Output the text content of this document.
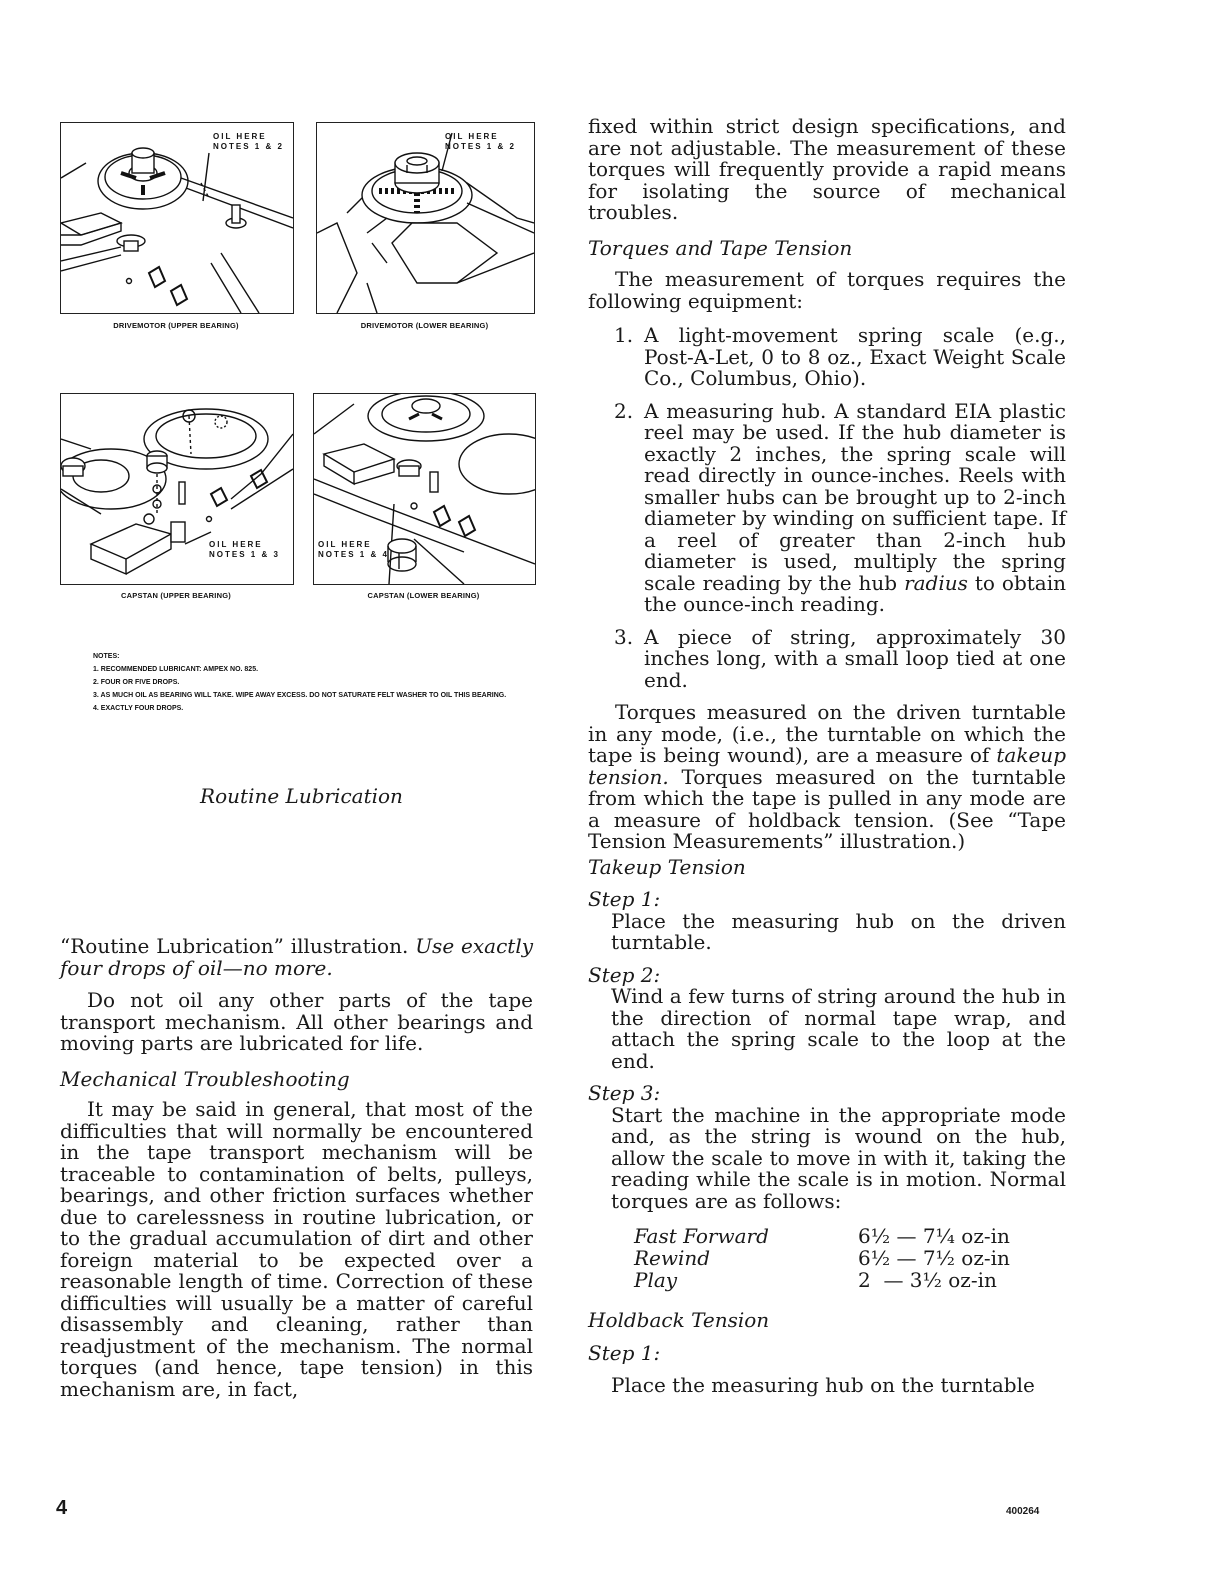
OIL HERE
NOTES 1 & 2
DRIVEMOTOR (UPPER BEARING)
OIL HERE
NOTES 1 & 2
DRIVEMOTOR (LOWER BEARING)
OIL HERE
NOTES 1 & 3
CAPSTAN (UPPER BEARING)
OIL HERE
NOTES 1 & 4
CAPSTAN (LOWER BEARING)
NOTES:
1. RECOMMENDED LUBRICANT: AMPEX NO. 825.
2. FOUR OR FIVE DROPS.
3. AS MUCH OIL AS BEARING WILL TAKE. WIPE AWAY EXCESS. DO NOT SATURATE FELT WASHER TO OIL THIS BEARING.
4. EXACTLY FOUR DROPS.
Routine Lubrication

“Routine Lubrication” illustration. Use exactly four drops of oil—no more.

Do not oil any other parts of the tape transport mechanism. All other bearings and moving parts are lubricated for life.

Mechanical Troubleshooting

It may be said in general, that most of the difficulties that will normally be encountered in the tape transport mechanism will be traceable to contamination of belts, pulleys, bearings, and other friction surfaces whether due to carelessness in routine lubrication, or to the gradual accumulation of dirt and other foreign material to be expected over a reasonable length of time. Correction of these difficulties will usually be a matter of careful disassembly and cleaning, rather than readjustment of the mechanism. The normal torques (and hence, tape tension) in this mechanism are, in fact,

fixed within strict design specifications, and are not adjustable. The measurement of these torques will frequently provide a rapid means for isolating the source of mechanical troubles.

Torques and Tape Tension

The measurement of torques requires the following equipment:

1. A light-movement spring scale (e.g., Post-A-Let, 0 to 8 oz., Exact Weight Scale Co., Columbus, Ohio).
2. A measuring hub. A standard EIA plastic reel may be used. If the hub diameter is exactly 2 inches, the spring scale will read directly in ounce-inches. Reels with smaller hubs can be brought up to 2-inch diameter by winding on sufficient tape. If a reel of greater than 2-inch hub diameter is used, multiply the spring scale reading by the hub radius to obtain the ounce-inch reading.
3. A piece of string, approximately 30 inches long, with a small loop tied at one end.

Torques measured on the driven turntable in any mode, (i.e., the turntable on which the tape is being wound), are a measure of takeup tension. Torques measured on the turntable from which the tape is pulled in any mode are a measure of holdback tension. (See “Tape Tension Measurements” illustration.)

Takeup Tension

Step 1:

Place the measuring hub on the driven turntable.

Step 2:

Wind a few turns of string around the hub in the direction of normal tape wrap, and attach the spring scale to the loop at the end.

Step 3:

Start the machine in the appropriate mode and, as the string is wound on the hub, allow the scale to move in with it, taking the reading while the scale is in motion. Normal torques are as follows:

Fast Forward	6½ — 7¼ oz-in
Rewind	6½ — 7½ oz-in
Play	2  — 3½ oz-in

Holdback Tension

Step 1:

Place the measuring hub on the turntable

4	400264
